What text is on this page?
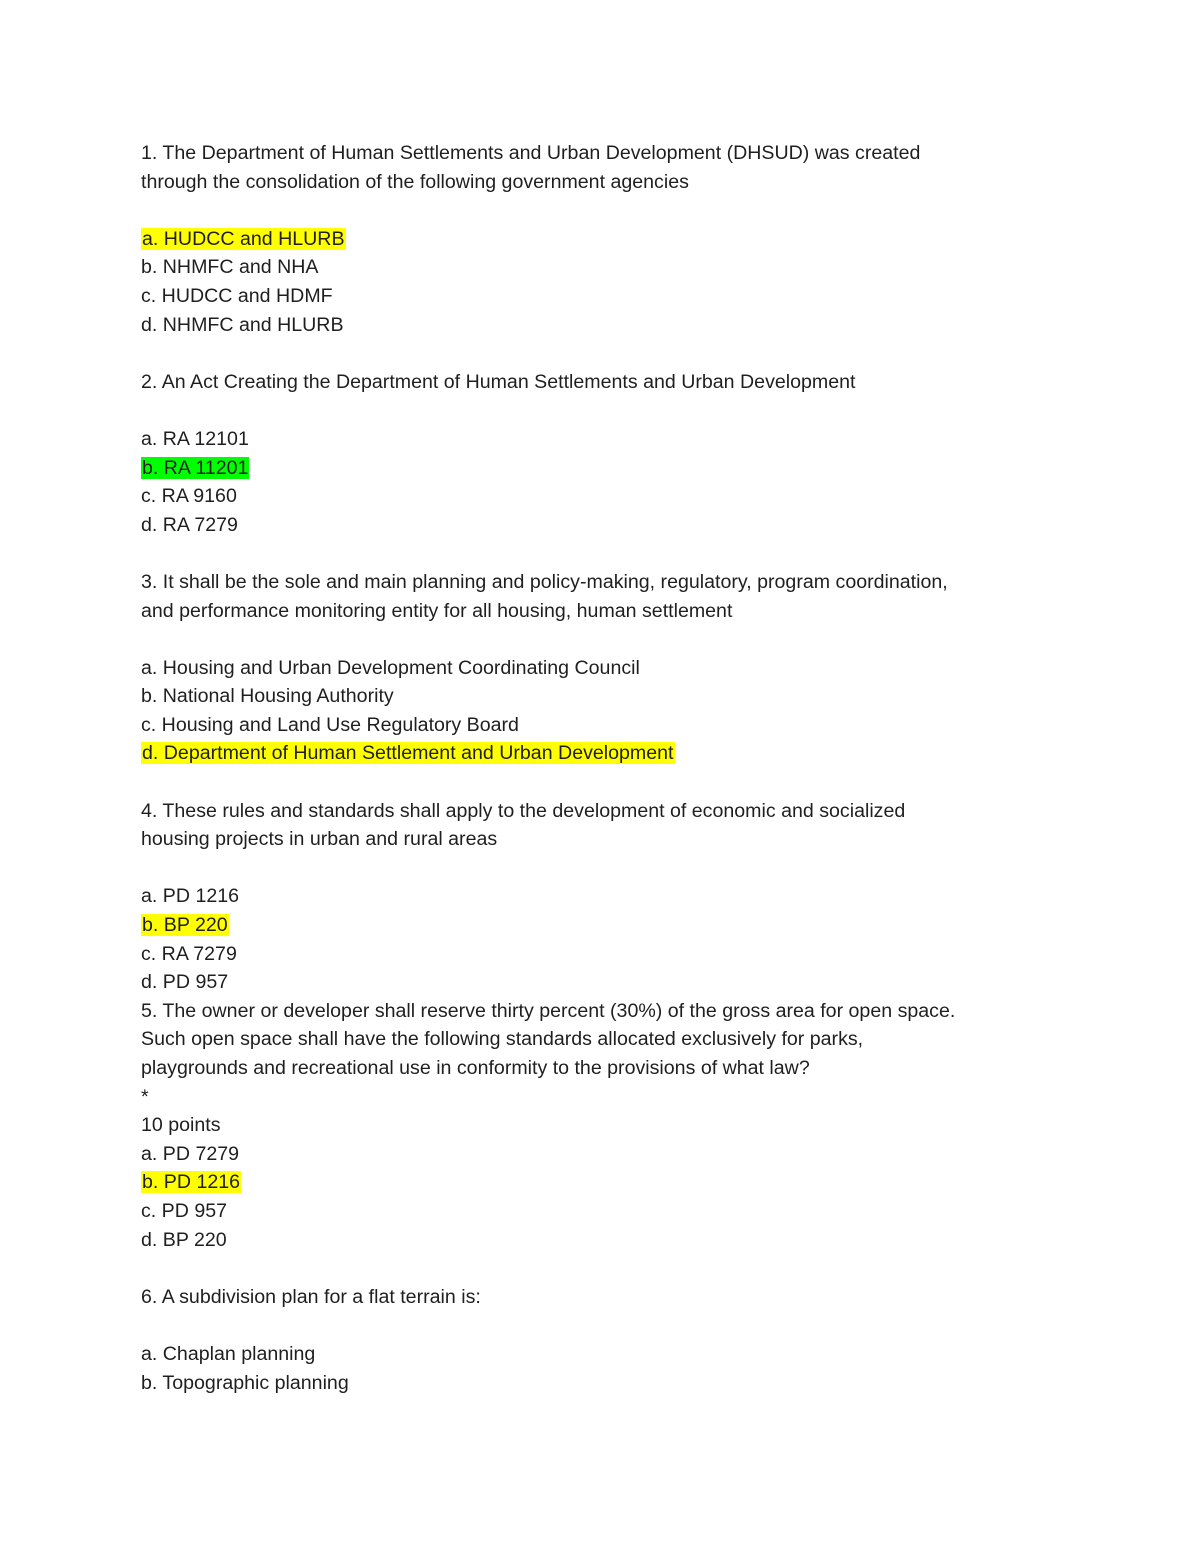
1. The Department of Human Settlements and Urban Development (DHSUD) was created
through the consolidation of the following government agencies
a. HUDCC and HLURB
b. NHMFC and NHA
c. HUDCC and HDMF
d. NHMFC and HLURB
2. An Act Creating the Department of Human Settlements and Urban Development
a. RA 12101
b. RA 11201
c. RA 9160
d. RA 7279
3. It shall be the sole and main planning and policy-making, regulatory, program coordination,
and performance monitoring entity for all housing, human settlement
a. Housing and Urban Development Coordinating Council
b. National Housing Authority
c. Housing and Land Use Regulatory Board
d. Department of Human Settlement and Urban Development
4. These rules and standards shall apply to the development of economic and socialized
housing projects in urban and rural areas
a. PD 1216
b. BP 220
c. RA 7279
d. PD 957
5. The owner or developer shall reserve thirty percent (30%) of the gross area for open space.
Such open space shall have the following standards allocated exclusively for parks,
playgrounds and recreational use in conformity to the provisions of what law?
*
10 points
a. PD 7279
b. PD 1216
c. PD 957
d. BP 220
6. A subdivision plan for a flat terrain is:
a. Chaplan planning
b. Topographic planning
